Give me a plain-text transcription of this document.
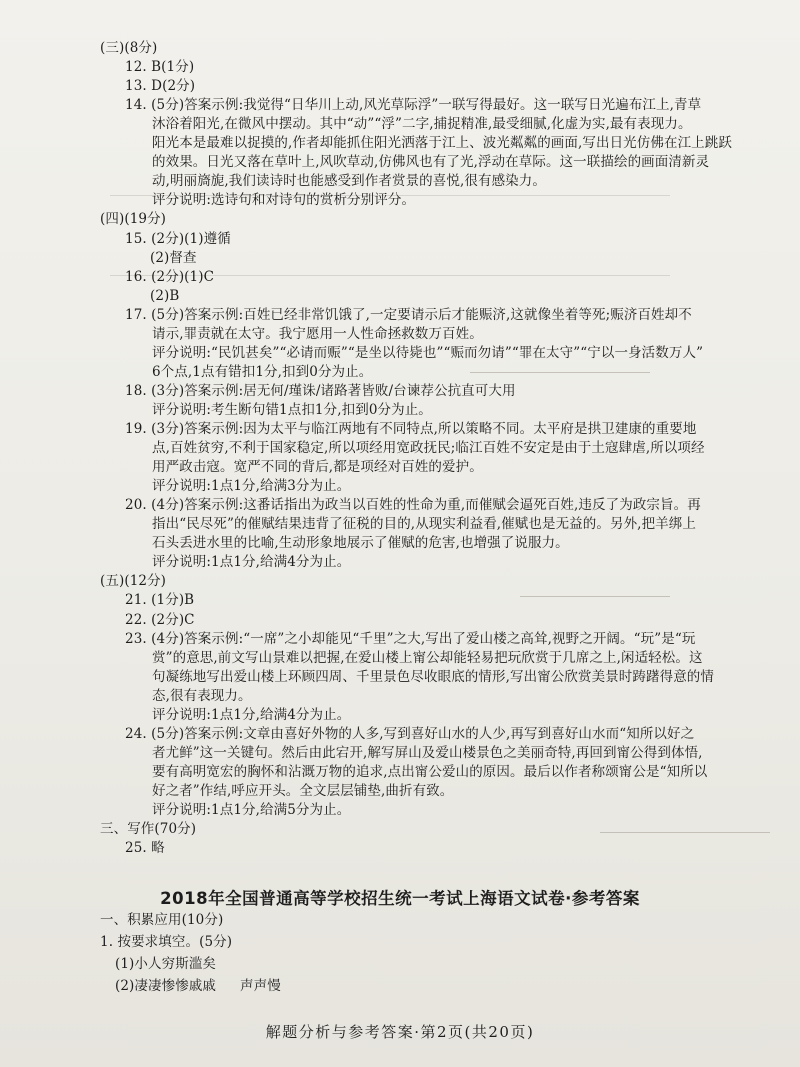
(三)(8分)
12. B(1分)
13. D(2分)
14. (5分)答案示例:我觉得“日华川上动,风光草际浮”一联写得最好。这一联写日光遍布江上,青草
沐浴着阳光,在微风中摆动。其中“动”“浮”二字,捕捉精准,最受细腻,化虚为实,最有表现力。
阳光本是最难以捉摸的,作者却能抓住阳光洒落于江上、波光粼粼的画面,写出日光仿佛在江上跳跃
的效果。日光又落在草叶上,风吹草动,仿佛风也有了光,浮动在草际。这一联描绘的画面清新灵
动,明丽旖旎,我们读诗时也能感受到作者赏景的喜悦,很有感染力。
评分说明:选诗句和对诗句的赏析分别评分。
(四)(19分)
15. (2分)(1)遵循
(2)督查
16. (2分)(1)C
(2)B
17. (5分)答案示例:百姓已经非常饥饿了,一定要请示后才能赈济,这就像坐着等死;赈济百姓却不
请示,罪责就在太守。我宁愿用一人性命拯救数万百姓。
评分说明:“民饥甚矣”“必请而赈”“是坐以待毙也”“赈而勿请”“罪在太守”“宁以一身活数万人”
6个点,1点有错扣1分,扣到0分为止。
18. (3分)答案示例:居无何/瑾诛/诸路著皆败/台谏荐公抗直可大用
评分说明:考生断句错1点扣1分,扣到0分为止。
19. (3分)答案示例:因为太平与临江两地有不同特点,所以策略不同。太平府是拱卫建康的重要地
点,百姓贫穷,不利于国家稳定,所以项经用宽政抚民;临江百姓不安定是由于土寇肆虐,所以项经
用严政击寇。宽严不同的背后,都是项经对百姓的爱护。
评分说明:1点1分,给满3分为止。
20. (4分)答案示例:这番话指出为政当以百姓的性命为重,而催赋会逼死百姓,违反了为政宗旨。再
指出“民尽死”的催赋结果违背了征税的目的,从现实利益看,催赋也是无益的。另外,把羊绑上
石头丢进水里的比喻,生动形象地展示了催赋的危害,也增强了说服力。
评分说明:1点1分,给满4分为止。
(五)(12分)
21. (1分)B
22. (2分)C
23. (4分)答案示例:“一席”之小却能见“千里”之大,写出了爱山楼之高耸,视野之开阔。“玩”是“玩
赏”的意思,前文写山景难以把握,在爱山楼上甯公却能轻易把玩欣赏于几席之上,闲适轻松。这
句凝练地写出爱山楼上环顾四周、千里景色尽收眼底的情形,写出甯公欣赏美景时踌躇得意的情
态,很有表现力。
评分说明:1点1分,给满4分为止。
24. (5分)答案示例:文章由喜好外物的人多,写到喜好山水的人少,再写到喜好山水而“知所以好之
者尤鲜”这一关键句。然后由此宕开,解写屏山及爱山楼景色之美丽奇特,再回到甯公得到体悟,
要有高明宽宏的胸怀和沾溉万物的追求,点出甯公爱山的原因。最后以作者称颂甯公是“知所以
好之者”作结,呼应开头。全文层层铺垫,曲折有致。
评分说明:1点1分,给满5分为止。
三、写作(70分)
25. 略
一、积累应用(10分)
1. 按要求填空。(5分)
(1)小人穷斯滥矣
(2)凄凄惨惨戚戚 声声慢
2018年全国普通高等学校招生统一考试上海语文试卷·参考答案
解题分析与参考答案·第2页(共20页)
